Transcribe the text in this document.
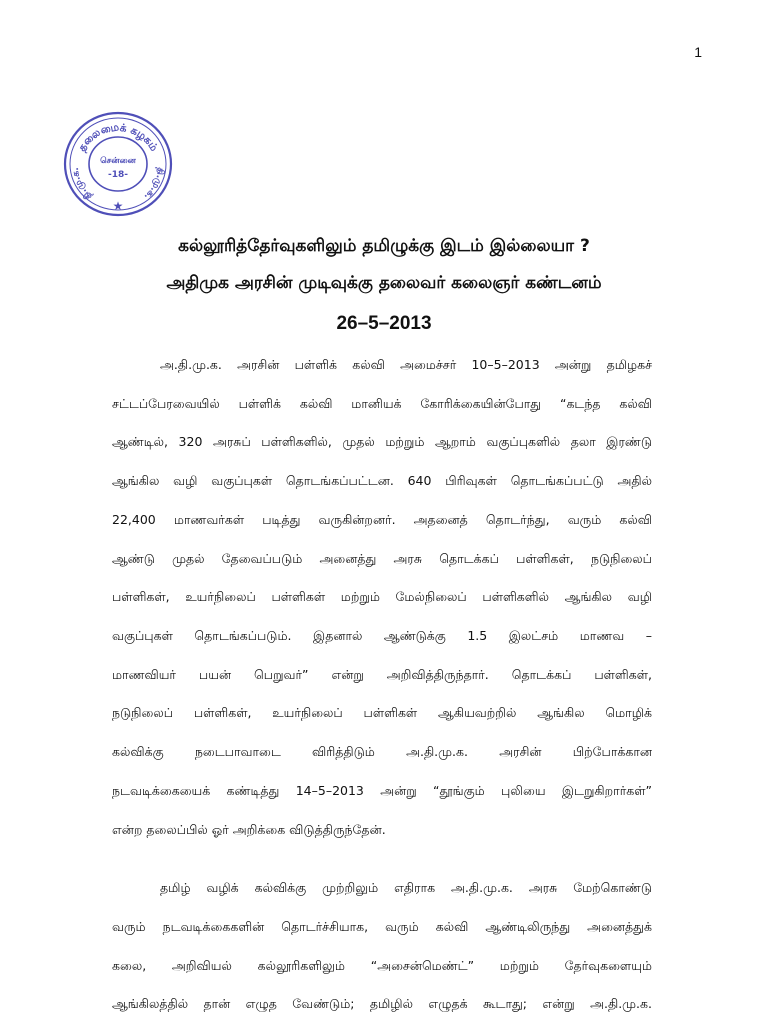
1
தலைமைக் கழகம்
தி.மு.க.	தி.மு.க.
சென்னை
-18-
★
கல்லூரித்தேர்வுகளிலும் தமிழுக்கு இடம் இல்லையா ?
அதிமுக அரசின் முடிவுக்கு தலைவர் கலைஞர் கண்டனம்
26–5–2013
அ.தி.மு.க. அரசின் பள்ளிக் கல்வி அமைச்சர் 10–5–2013 அன்று தமிழகச்
சட்டப்பேரவையில் பள்ளிக் கல்வி மானியக் கோரிக்கையின்போது “கடந்த கல்வி
ஆண்டில், 320 அரசுப் பள்ளிகளில், முதல் மற்றும் ஆறாம் வகுப்புகளில் தலா இரண்டு
ஆங்கில வழி வகுப்புகள் தொடங்கப்பட்டன. 640 பிரிவுகள் தொடங்கப்பட்டு அதில்
22,400 மாணவர்கள் படித்து வருகின்றனர். அதனைத் தொடர்ந்து, வரும் கல்வி
ஆண்டு முதல் தேவைப்படும் அனைத்து அரசு தொடக்கப் பள்ளிகள், நடுநிலைப்
பள்ளிகள், உயர்நிலைப் பள்ளிகள் மற்றும் மேல்நிலைப் பள்ளிகளில் ஆங்கில வழி
வகுப்புகள் தொடங்கப்படும். இதனால் ஆண்டுக்கு 1.5 இலட்சம் மாணவ –
மாணவியர் பயன் பெறுவர்” என்று அறிவித்திருந்தார். தொடக்கப் பள்ளிகள்,
நடுநிலைப் பள்ளிகள், உயர்நிலைப் பள்ளிகள் ஆகியவற்றில் ஆங்கில மொழிக்
கல்விக்கு நடைபாவாடை விரித்திடும் அ.தி.மு.க. அரசின் பிற்போக்கான
நடவடிக்கையைக் கண்டித்து 14–5–2013 அன்று “தூங்கும் புலியை இடறுகிறார்கள்”
என்ற தலைப்பில் ஓர் அறிக்கை விடுத்திருந்தேன்.
தமிழ் வழிக் கல்விக்கு முற்றிலும் எதிராக அ.தி.மு.க. அரசு மேற்கொண்டு
வரும் நடவடிக்கைகளின் தொடர்ச்சியாக, வரும் கல்வி ஆண்டிலிருந்து அனைத்துக்
கலை, அறிவியல் கல்லூரிகளிலும் “அசைன்மெண்ட்” மற்றும் தேர்வுகளையும்
ஆங்கிலத்தில் தான் எழுத வேண்டும்; தமிழில் எழுதக் கூடாது; என்று அ.தி.மு.க.
